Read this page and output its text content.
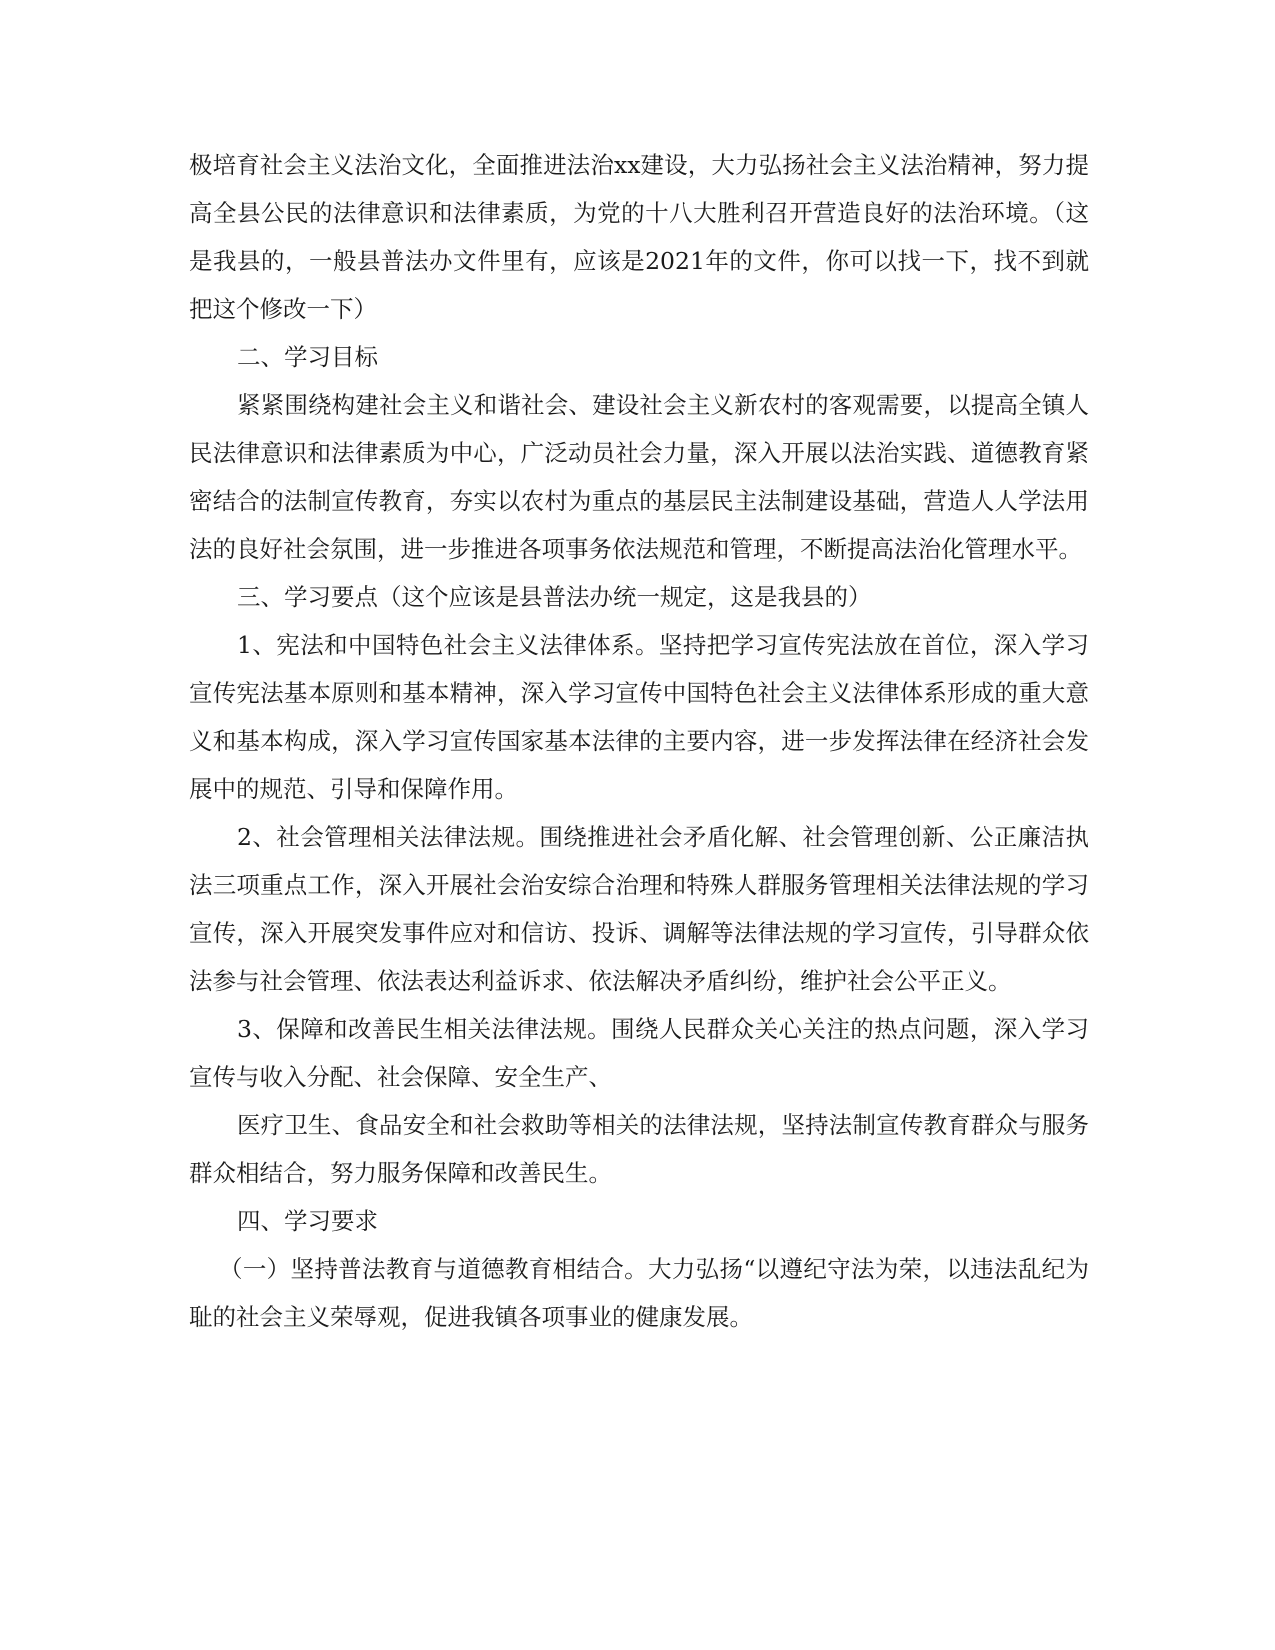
极培育社会主义法治文化，全面推进法治xx建设，大力弘扬社会主义法治精神，努力提高全县公民的法律意识和法律素质，为党的十八大胜利召开营造良好的法治环境。（这是我县的，一般县普法办文件里有，应该是2021年的文件，你可以找一下，找不到就把这个修改一下）

二、学习目标

紧紧围绕构建社会主义和谐社会、建设社会主义新农村的客观需要，以提高全镇人民法律意识和法律素质为中心，广泛动员社会力量，深入开展以法治实践、道德教育紧密结合的法制宣传教育，夯实以农村为重点的基层民主法制建设基础，营造人人学法用法的良好社会氛围，进一步推进各项事务依法规范和管理，不断提高法治化管理水平。

三、学习要点（这个应该是县普法办统一规定，这是我县的）

1、宪法和中国特色社会主义法律体系。坚持把学习宣传宪法放在首位，深入学习宣传宪法基本原则和基本精神，深入学习宣传中国特色社会主义法律体系形成的重大意义和基本构成，深入学习宣传国家基本法律的主要内容，进一步发挥法律在经济社会发展中的规范、引导和保障作用。

2、社会管理相关法律法规。围绕推进社会矛盾化解、社会管理创新、公正廉洁执法三项重点工作，深入开展社会治安综合治理和特殊人群服务管理相关法律法规的学习宣传，深入开展突发事件应对和信访、投诉、调解等法律法规的学习宣传，引导群众依法参与社会管理、依法表达利益诉求、依法解决矛盾纠纷，维护社会公平正义。

3、保障和改善民生相关法律法规。围绕人民群众关心关注的热点问题，深入学习宣传与收入分配、社会保障、安全生产、

医疗卫生、食品安全和社会救助等相关的法律法规，坚持法制宣传教育群众与服务群众相结合，努力服务保障和改善民生。

四、学习要求

（一）坚持普法教育与道德教育相结合。大力弘扬“以遵纪守法为荣，以违法乱纪为耻的社会主义荣辱观，促进我镇各项事业的健康发展。
